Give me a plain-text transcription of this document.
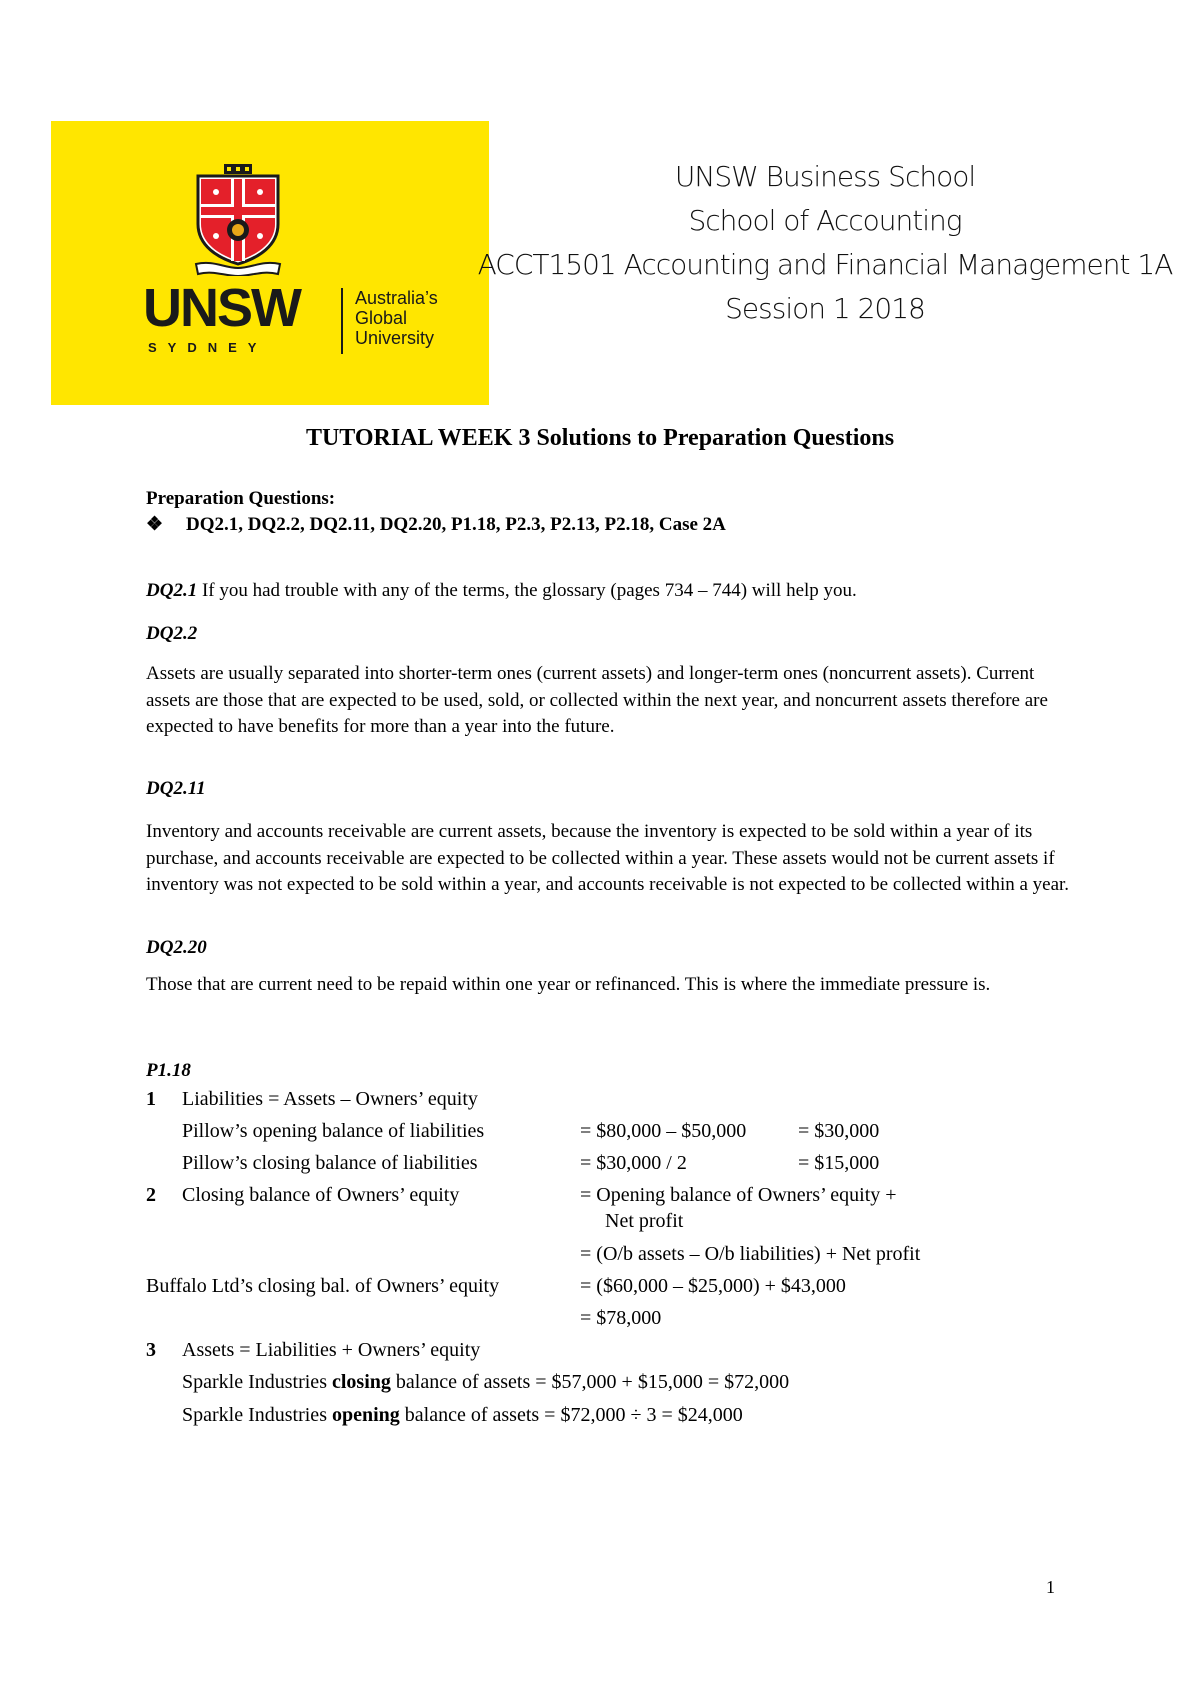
UNSW
SYDNEY
Australia’s
Global
University
UNSW Business School
School of Accounting
ACCT1501 Accounting and Financial Management 1A
Session 1 2018
TUTORIAL WEEK 3 Solutions to Preparation Questions
Preparation Questions:
❖ DQ2.1, DQ2.2, DQ2.11, DQ2.20, P1.18, P2.3, P2.13, P2.18, Case 2A
DQ2.1 If you had trouble with any of the terms, the glossary (pages 734 – 744) will help you.
DQ2.2
Assets are usually separated into shorter-term ones (current assets) and longer-term ones (noncurrent assets). Current assets are those that are expected to be used, sold, or collected within the next year, and noncurrent assets therefore are expected to have benefits for more than a year into the future.
DQ2.11
Inventory and accounts receivable are current assets, because the inventory is expected to be sold within a year of its purchase, and accounts receivable are expected to be collected within a year. These assets would not be current assets if inventory was not expected to be sold within a year, and accounts receivable is not expected to be collected within a year.
DQ2.20
Those that are current need to be repaid within one year or refinanced. This is where the immediate pressure is.
P1.18
1 Liabilities = Assets – Owners’ equity
Pillow’s opening balance of liabilities	= $80,000 – $50,000	= $30,000
Pillow’s closing balance of liabilities	= $30,000 / 2	= $15,000
2 Closing balance of Owners’ equity	= Opening balance of Owners’ equity +
Net profit
= (O/b assets – O/b liabilities) + Net profit
Buffalo Ltd’s closing bal. of Owners’ equity	= ($60,000 – $25,000) + $43,000
= $78,000
3 Assets = Liabilities + Owners’ equity
Sparkle Industries closing balance of assets = $57,000 + $15,000 = $72,000
Sparkle Industries opening balance of assets = $72,000 ÷ 3 = $24,000
1
